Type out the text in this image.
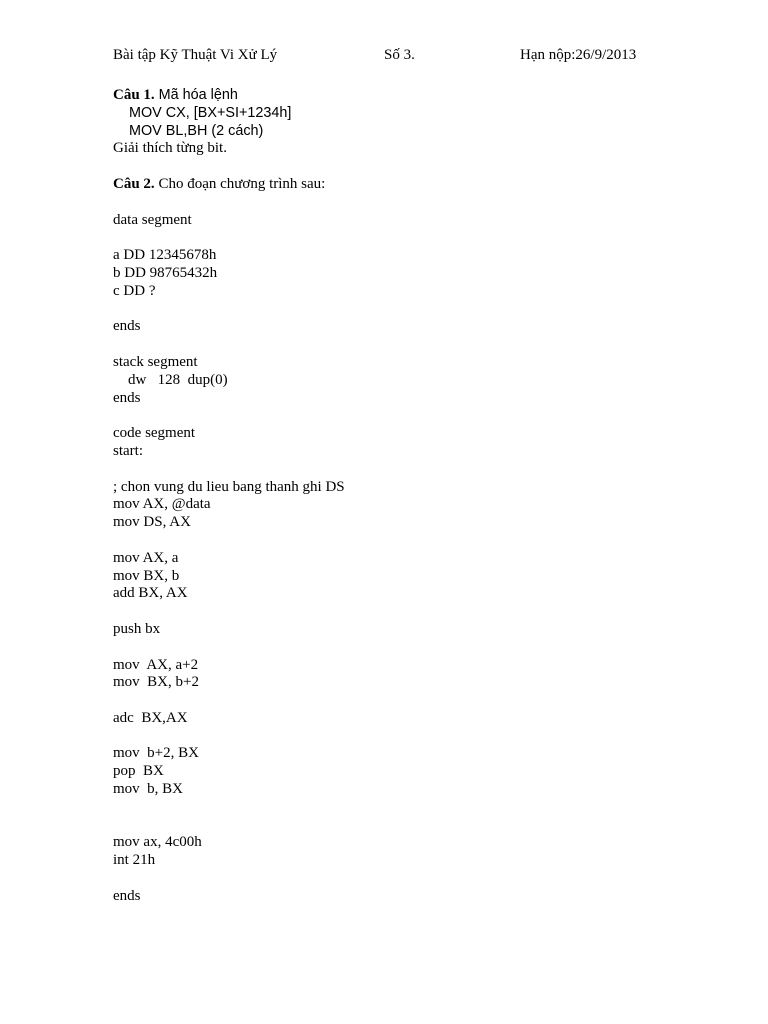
Bài tập Kỹ Thuật Vi Xử Lý	Số 3.	Hạn nộp:26/9/2013
Câu 1. Mã hóa lệnh
MOV CX, [BX+SI+1234h]
MOV BL,BH (2 cách)
Giải thích từng bit.
Câu 2. Cho đoạn chương trình sau:
data segment
a DD 12345678h
b DD 98765432h
c DD ?
ends
stack segment
dw   128  dup(0)
ends
code segment
start:
; chon vung du lieu bang thanh ghi DS
mov AX, @data
mov DS, AX
mov AX, a
mov BX, b
add BX, AX
push bx
mov  AX, a+2
mov  BX, b+2
adc  BX,AX
mov  b+2, BX
pop  BX
mov  b, BX
mov ax, 4c00h
int 21h
ends
